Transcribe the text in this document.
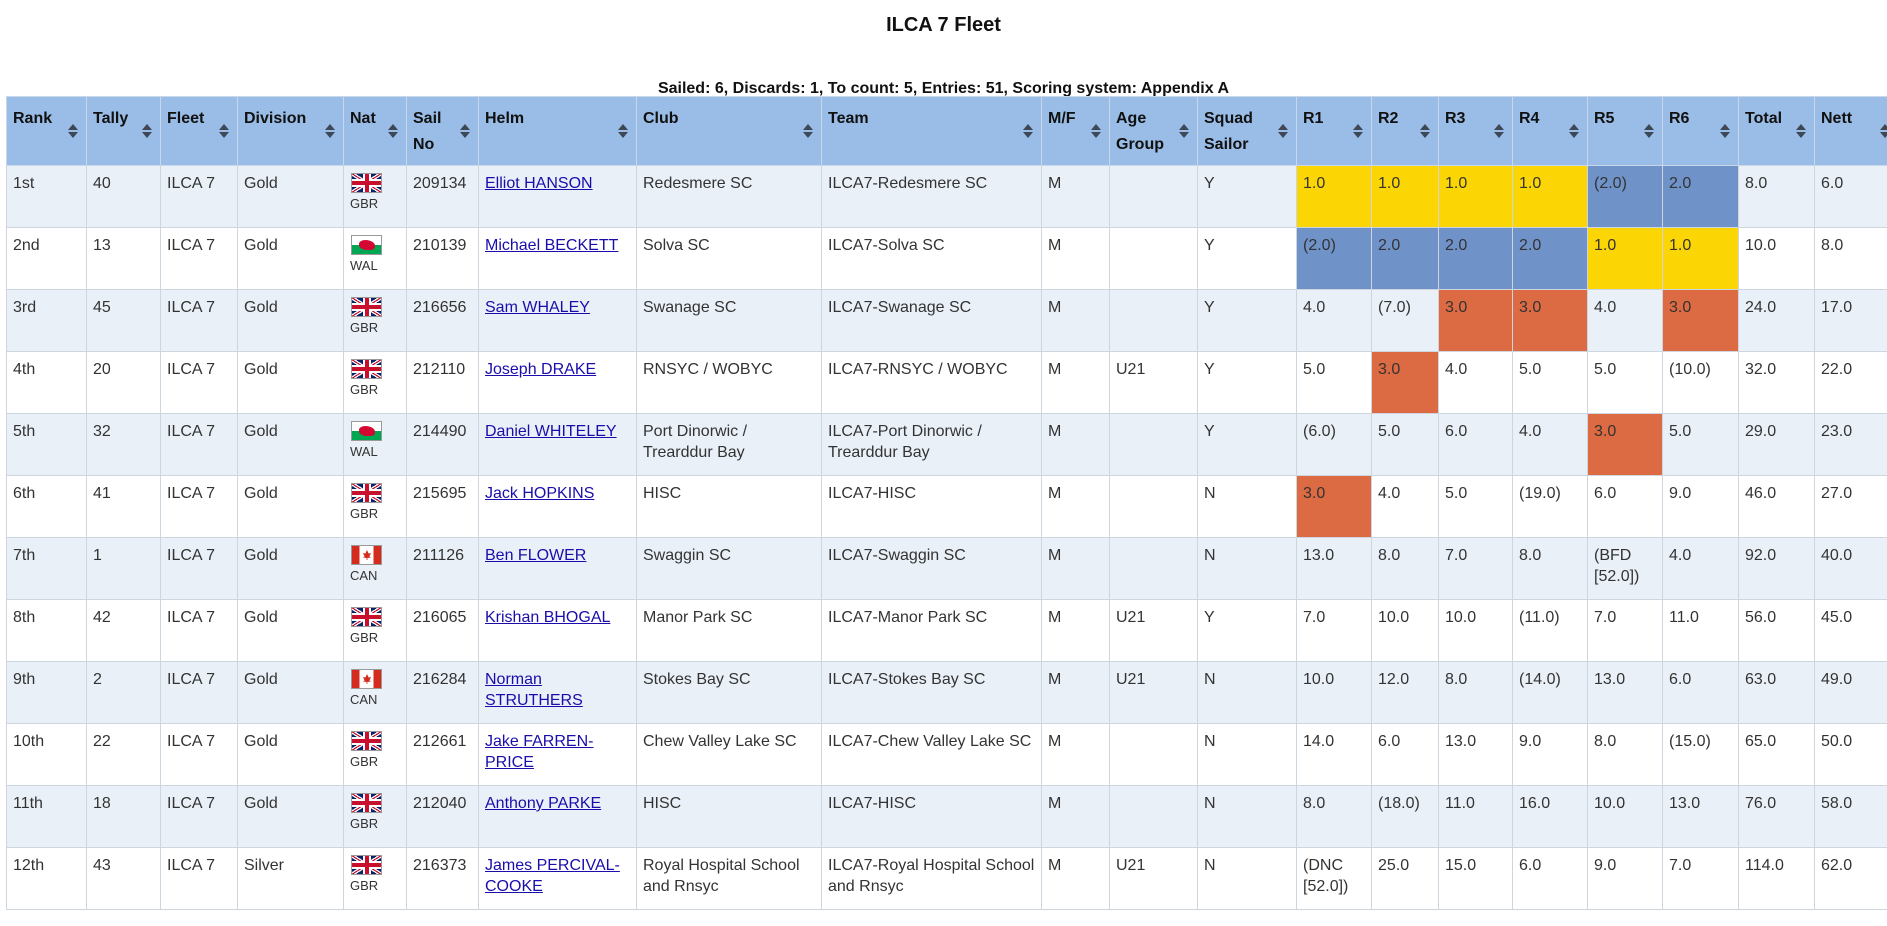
ILCA 7 Fleet
Sailed: 6, Discards: 1, To count: 5, Entries: 51, Scoring system: Appendix A
Rank	Tally	Fleet	Division	Nat	Sail No	Helm	Club	Team	M/F	Age Group	Squad Sailor	R1	R2	R3	R4	R5	R6	Total	Nett

1st	40	ILCA 7	Gold	GBR	209134	Elliot HANSON	Redesmere SC	ILCA7-Redesmere SC	M		Y	1.0	1.0	1.0	1.0	(2.0)	2.0	8.0	6.0
2nd	13	ILCA 7	Gold	WAL	210139	Michael BECKETT	Solva SC	ILCA7-Solva SC	M		Y	(2.0)	2.0	2.0	2.0	1.0	1.0	10.0	8.0
3rd	45	ILCA 7	Gold	GBR	216656	Sam WHALEY	Swanage SC	ILCA7-Swanage SC	M		Y	4.0	(7.0)	3.0	3.0	4.0	3.0	24.0	17.0
4th	20	ILCA 7	Gold	GBR	212110	Joseph DRAKE	RNSYC / WOBYC	ILCA7-RNSYC / WOBYC	M	U21	Y	5.0	3.0	4.0	5.0	5.0	(10.0)	32.0	22.0
5th	32	ILCA 7	Gold	WAL	214490	Daniel WHITELEY	Port Dinorwic / Trearddur Bay	ILCA7-Port Dinorwic / Trearddur Bay	M		Y	(6.0)	5.0	6.0	4.0	3.0	5.0	29.0	23.0
6th	41	ILCA 7	Gold	GBR	215695	Jack HOPKINS	HISC	ILCA7-HISC	M		N	3.0	4.0	5.0	(19.0)	6.0	9.0	46.0	27.0
7th	1	ILCA 7	Gold	CAN	211126	Ben FLOWER	Swaggin SC	ILCA7-Swaggin SC	M		N	13.0	8.0	7.0	8.0	(BFD [52.0])	4.0	92.0	40.0
8th	42	ILCA 7	Gold	GBR	216065	Krishan BHOGAL	Manor Park SC	ILCA7-Manor Park SC	M	U21	Y	7.0	10.0	10.0	(11.0)	7.0	11.0	56.0	45.0
9th	2	ILCA 7	Gold	CAN	216284	Norman STRUTHERS	Stokes Bay SC	ILCA7-Stokes Bay SC	M	U21	N	10.0	12.0	8.0	(14.0)	13.0	6.0	63.0	49.0
10th	22	ILCA 7	Gold	GBR	212661	Jake FARREN-PRICE	Chew Valley Lake SC	ILCA7-Chew Valley Lake SC	M		N	14.0	6.0	13.0	9.0	8.0	(15.0)	65.0	50.0
11th	18	ILCA 7	Gold	GBR	212040	Anthony PARKE	HISC	ILCA7-HISC	M		N	8.0	(18.0)	11.0	16.0	10.0	13.0	76.0	58.0
12th	43	ILCA 7	Silver	GBR	216373	James PERCIVAL-COOKE	Royal Hospital School and Rnsyc	ILCA7-Royal Hospital School and Rnsyc	M	U21	N	(DNC [52.0])	25.0	15.0	6.0	9.0	7.0	114.0	62.0
